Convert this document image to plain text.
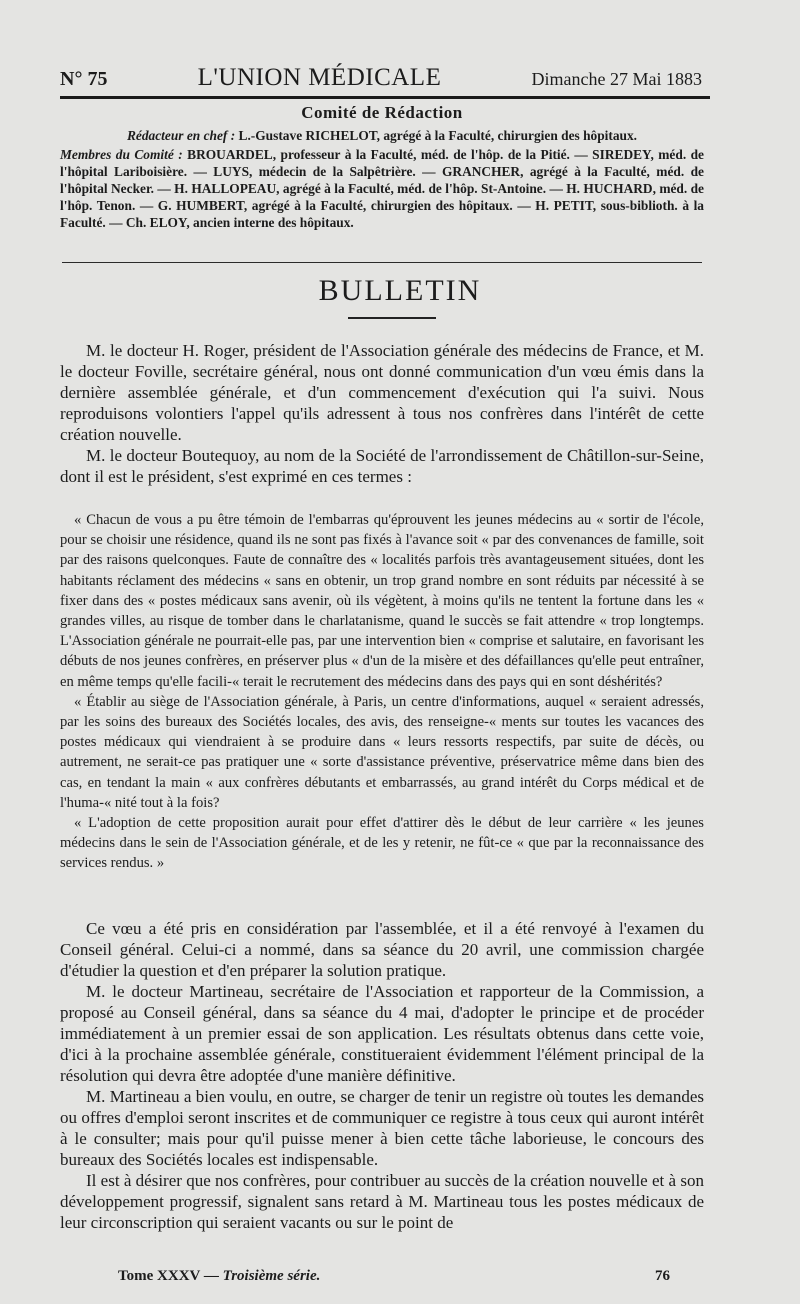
N° 75	L'UNION MÉDICALE	Dimanche 27 Mai 1883
Comité de Rédaction
Rédacteur en chef : L.-Gustave RICHELOT, agrégé à la Faculté, chirurgien des hôpitaux.
Membres du Comité : BROUARDEL, professeur à la Faculté, méd. de l'hôp. de la Pitié. — SIREDEY, méd. de l'hôpital Lariboisière. — LUYS, médecin de la Salpêtrière. — GRANCHER, agrégé à la Faculté, méd. de l'hôpital Necker. — H. HALLOPEAU, agrégé à la Faculté, méd. de l'hôp. St-Antoine. — H. HUCHARD, méd. de l'hôp. Tenon. — G. HUMBERT, agrégé à la Faculté, chirurgien des hôpitaux. — H. PETIT, sous-biblioth. à la Faculté. — Ch. ELOY, ancien interne des hôpitaux.
BULLETIN

M. le docteur H. Roger, président de l'Association générale des médecins de France, et M. le docteur Foville, secrétaire général, nous ont donné communication d'un vœu émis dans la dernière assemblée générale, et d'un commencement d'exécution qui l'a suivi. Nous reproduisons volontiers l'appel qu'ils adressent à tous nos confrères dans l'intérêt de cette création nouvelle.

M. le docteur Boutequoy, au nom de la Société de l'arrondissement de Châtillon-sur-Seine, dont il est le président, s'est exprimé en ces termes :

« Chacun de vous a pu être témoin de l'embarras qu'éprouvent les jeunes médecins au « sortir de l'école, pour se choisir une résidence, quand ils ne sont pas fixés à l'avance soit « par des convenances de famille, soit par des raisons quelconques. Faute de connaître des « localités parfois très avantageusement situées, dont les habitants réclament des médecins « sans en obtenir, un trop grand nombre en sont réduits par nécessité à se fixer dans des « postes médicaux sans avenir, où ils végètent, à moins qu'ils ne tentent la fortune dans les « grandes villes, au risque de tomber dans le charlatanisme, quand le succès se fait attendre « trop longtemps. L'Association générale ne pourrait-elle pas, par une intervention bien « comprise et salutaire, en favorisant les débuts de nos jeunes confrères, en préserver plus « d'un de la misère et des défaillances qu'elle peut entraîner, en même temps qu'elle facili-« terait le recrutement des médecins dans des pays qui en sont déshérités?

« Établir au siège de l'Association générale, à Paris, un centre d'informations, auquel « seraient adressés, par les soins des bureaux des Sociétés locales, des avis, des renseigne-« ments sur toutes les vacances des postes médicaux qui viendraient à se produire dans « leurs ressorts respectifs, par suite de décès, ou autrement, ne serait-ce pas pratiquer une « sorte d'assistance préventive, préservatrice même dans bien des cas, en tendant la main « aux confrères débutants et embarrassés, au grand intérêt du Corps médical et de l'huma-« nité tout à la fois?

« L'adoption de cette proposition aurait pour effet d'attirer dès le début de leur carrière « les jeunes médecins dans le sein de l'Association générale, et de les y retenir, ne fût-ce « que par la reconnaissance des services rendus. »

Ce vœu a été pris en considération par l'assemblée, et il a été renvoyé à l'examen du Conseil général. Celui-ci a nommé, dans sa séance du 20 avril, une commission chargée d'étudier la question et d'en préparer la solution pratique.

M. le docteur Martineau, secrétaire de l'Association et rapporteur de la Commission, a proposé au Conseil général, dans sa séance du 4 mai, d'adopter le principe et de procéder immédiatement à un premier essai de son application. Les résultats obtenus dans cette voie, d'ici à la prochaine assemblée générale, constitueraient évidemment l'élément principal de la résolution qui devra être adoptée d'une manière définitive.

M. Martineau a bien voulu, en outre, se charger de tenir un registre où toutes les demandes ou offres d'emploi seront inscrites et de communiquer ce registre à tous ceux qui auront intérêt à le consulter; mais pour qu'il puisse mener à bien cette tâche laborieuse, le concours des bureaux des Sociétés locales est indispensable.

Il est à désirer que nos confrères, pour contribuer au succès de la création nouvelle et à son développement progressif, signalent sans retard à M. Martineau tous les postes médicaux de leur circonscription qui seraient vacants ou sur le point de

Tome XXXV — Troisième série.	76
